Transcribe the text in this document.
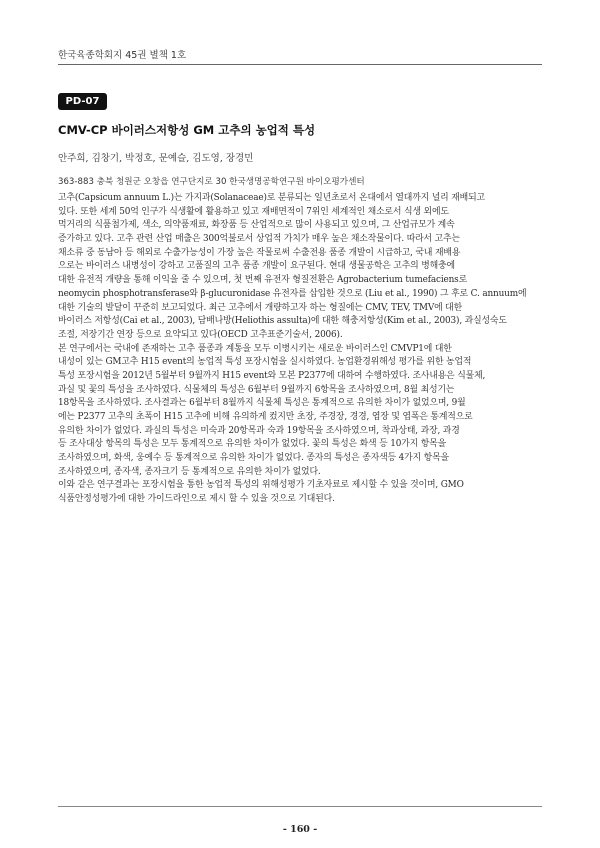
한국육종학회지 45권 별책 1호
PD-07
CMV-CP 바이러스저항성 GM 고추의 농업적 특성
안주희, 김창기, 박정호, 문예슬, 김도영, 장경민
363-883 충북 청원군 오창읍 연구단지로 30 한국생명공학연구원 바이오평가센터
고추(Capsicum annuum L.)는 가지과(Solanaceae)로 분류되는 일년초로서 온대에서 열대까지 널리 재배되고
있다. 또한 세계 50억 인구가 식생활에 활용하고 있고 재배면적이 7위인 세계적인 채소로서 식생 외에도
먹거리의 식품첨가제, 색소, 의약품재료, 화장품 등 산업적으로 많이 사용되고 있으며, 그 산업규모가 계속
증가하고 있다. 고추 관련 산업 매출은 300억불로서 상업적 가치가 매우 높은 채소작물이다. 따라서 고추는
채소류 중 동남아 등 해외로 수출가능성이 가장 높은 작물로써 수출전용 품종 개발이 시급하고, 국내 재배용
으로는 바이러스 내병성이 강하고 고품질의 고추 품종 개발이 요구된다. 현대 생물공학은 고추의 병해충에
대한 유전적 개량을 통해 이익을 줄 수 있으며, 첫 번째 유전자 형질전환은 Agrobacterium tumefaciens로
neomycin phosphotransferase와 β-glucuronidase 유전자를 삽입한 것으로 (Liu et al., 1990) 그 후로 C. annuum에
대한 기술의 발달이 꾸준히 보고되었다. 최근 고추에서 개량하고자 하는 형질에는 CMV, TEV, TMV에 대한
바이러스 저항성(Cai et al., 2003), 담배나방(Heliothis assulta)에 대한 해충저항성(Kim et al., 2003), 과실성숙도
조절, 저장기간 연장 등으로 요약되고 있다(OECD 고추표준기술서, 2006).
본 연구에서는 국내에 존재하는 고추 품종과 계통을 모두 이병시키는 새로운 바이러스인 CMVP1에 대한
내성이 있는 GM고추 H15 event의 농업적 특성 포장시험을 실시하였다. 농업환경위해성 평가를 위한 농업적
특성 포장시험을 2012년 5월부터 9월까지 H15 event와 모본 P2377에 대하여 수행하였다. 조사내용은 식물체,
과실 및 꽃의 특성을 조사하였다. 식물체의 특성은 6월부터 9월까지 6항목을 조사하였으며, 8월 최성기는
18항목을 조사하였다. 조사결과는 6월부터 8월까지 식물체 특성은 통계적으로 유의한 차이가 없었으며, 9월
에는 P2377 고추의 초폭이 H15 고추에 비해 유의하게 컸지만 초장, 주경장, 경경, 엽장 및 엽폭은 통계적으로
유의한 차이가 없었다. 과실의 특성은 미숙과 20항목과 숙과 19항목을 조사하였으며, 착과상태, 과장, 과경
등 조사대상 항목의 특성은 모두 통계적으로 유의한 차이가 없었다. 꽃의 특성은 화색 등 10가지 항목을
조사하였으며, 화색, 웅예수 등 통계적으로 유의한 차이가 없었다. 종자의 특성은 종자색등 4가지 항목을
조사하였으며, 종자색, 종자크기 등 통계적으로 유의한 차이가 없었다.
이와 같은 연구결과는 포장시험을 통한 농업적 특성의 위해성평가 기초자료로 제시할 수 있을 것이며, GMO
식품안정성평가에 대한 가이드라인으로 제시 할 수 있을 것으로 기대된다.
- 160 -
